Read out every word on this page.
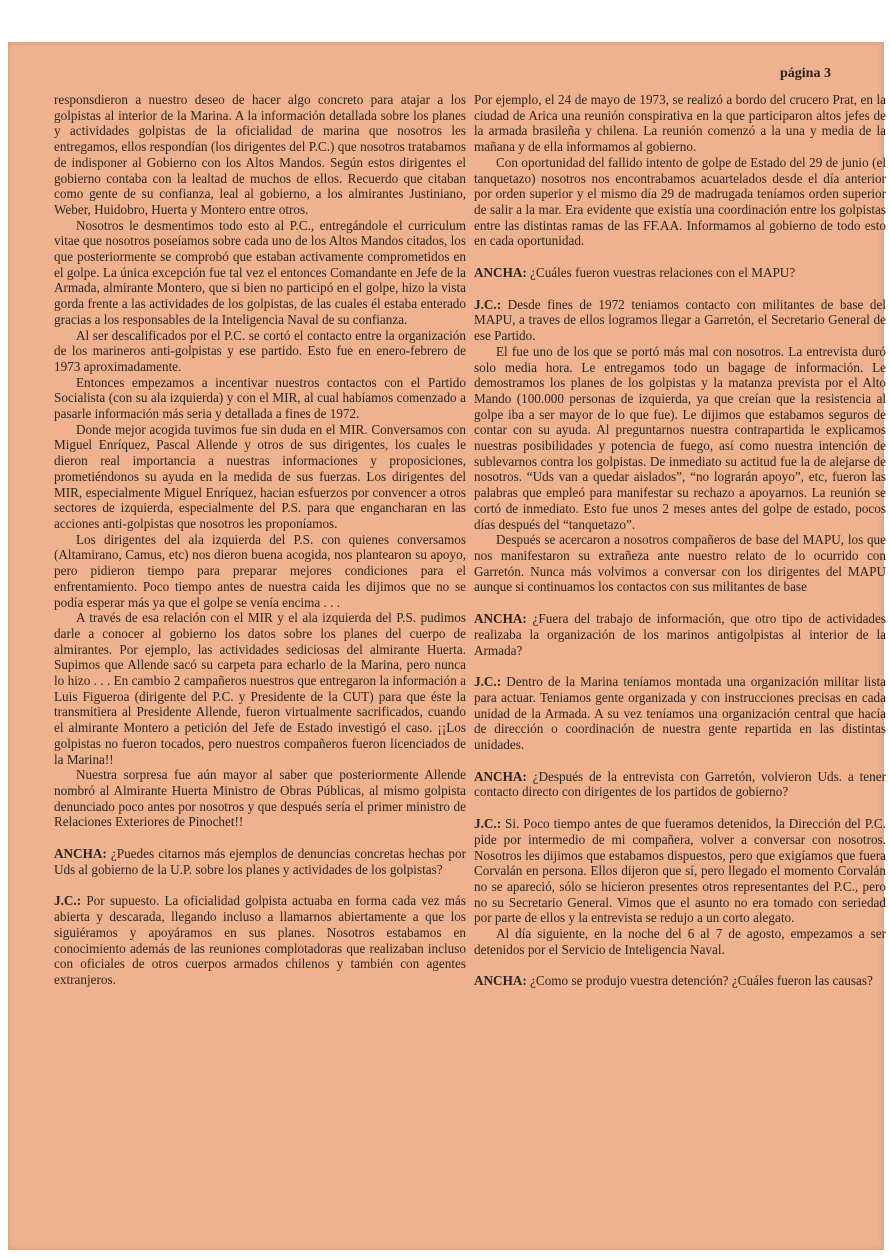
página 3

responsdieron a nuestro deseo de hacer algo concreto para atajar a los golpistas al interior de la Marina. A la información detallada sobre los planes y actividades golpistas de la oficialidad de marina que nosotros les entregamos, ellos respondían (los dirigentes del P.C.) que nosotros tratabamos de indisponer al Gobierno con los Altos Mandos. Según estos dirigentes el gobierno contaba con la lealtad de muchos de ellos. Recuerdo que citaban como gente de su confianza, leal al gobierno, a los almirantes Justiniano, Weber, Huidobro, Huerta y Montero entre otros.

Nosotros le desmentimos todo esto al P.C., entregándole el curriculum vitae que nosotros poseíamos sobre cada uno de los Altos Mandos citados, los que posteriormente se comprobó que estaban activamente comprometidos en el golpe. La única excepción fue tal vez el entonces Comandante en Jefe de la Armada, almirante Montero, que si bien no participó en el golpe, hizo la vista gorda frente a las actividades de los golpistas, de las cuales él estaba enterado gracias a los responsables de la Inteligencia Naval de su confianza.

Al ser descalificados por el P.C. se cortó el contacto entre la organización de los marineros anti-golpistas y ese partido. Esto fue en enero-febrero de 1973 aproximadamente.

Entonces empezamos a incentivar nuestros contactos con el Partido Socialista (con su ala izquierda) y con el MIR, al cual habíamos comenzado a pasarle información más seria y detallada a fines de 1972.

Donde mejor acogida tuvimos fue sin duda en el MIR. Conversamos con Miguel Enríquez, Pascal Allende y otros de sus dirigentes, los cuales le dieron real importancia a nuestras informaciones y proposiciones, prometiéndonos su ayuda en la medida de sus fuerzas. Los dirigentes del MIR, especialmente Miguel Enríquez, hacian esfuerzos por convencer a otros sectores de izquierda, especialmente del P.S. para que engancharan en las acciones anti-golpistas que nosotros les proponíamos.

Los dirigentes del ala izquierda del P.S. con quienes conversamos (Altamirano, Camus, etc) nos dieron buena acogida, nos plantearon su apoyo, pero pidieron tiempo para preparar mejores condiciones para el enfrentamiento. Poco tiempo antes de nuestra caida les dijimos que no se podía esperar más ya que el golpe se venía encima . . .

A través de esa relación con el MIR y el ala izquierda del P.S. pudimos darle a conocer al gobierno los datos sobre los planes del cuerpo de almirantes. Por ejemplo, las actividades sediciosas del almirante Huerta. Supimos que Allende sacó su carpeta para echarlo de la Marina, pero nunca lo hizo . . . En cambio 2 campañeros nuestros que entregaron la información a Luis Figueroa (dirigente del P.C. y Presidente de la CUT) para que éste la transmitiera al Presidente Allende, fueron virtualmente sacrificados, cuando el almirante Montero a petición del Jefe de Estado investigó el caso. ¡¡Los golpistas no fueron tocados, pero nuestros compañeros fueron licenciados de la Marina!!

Nuestra sorpresa fue aún mayor al saber que posteriormente Allende nombró al Almirante Huerta Ministro de Obras Públicas, al mismo golpista denunciado poco antes por nosotros y que después sería el primer ministro de Relaciones Exteriores de Pinochet!!

ANCHA: ¿Puedes citarnos más ejemplos de denuncias concretas hechas por Uds al gobierno de la U.P. sobre los planes y actividades de los golpistas?

J.C.: Por supuesto. La oficialidad golpista actuaba en forma cada vez más abierta y descarada, llegando incluso a llamarnos abiertamente a que los siguiéramos y apoyáramos en sus planes. Nosotros estabamos en conocimiento además de las reuniones complotadoras que realizaban incluso con oficiales de otros cuerpos armados chilenos y también con agentes extranjeros.

Por ejemplo, el 24 de mayo de 1973, se realizó a bordo del crucero Prat, en la ciudad de Arica una reunión conspirativa en la que participaron altos jefes de la armada brasileña y chilena. La reunión comenzó a la una y media de la mañana y de ella informamos al gobierno.

Con oportunidad del fallido intento de golpe de Estado del 29 de junio (el tanquetazo) nosotros nos encontrabamos acuartelados desde el día anterior por orden superior y el mismo día 29 de madrugada teníamos orden superior de salir a la mar. Era evidente que existía una coordinación entre los golpistas entre las distintas ramas de las FF.AA. Informamos al gobierno de todo esto en cada oportunidad.

ANCHA: ¿Cuáles fueron vuestras relaciones con el MAPU?

J.C.: Desde fines de 1972 teniamos contacto con militantes de base del MAPU, a traves de ellos logramos llegar a Garretón, el Secretario General de ese Partido.

El fue uno de los que se portó más mal con nosotros. La entrevista duró solo media hora. Le entregamos todo un bagage de información. Le demostramos los planes de los golpistas y la matanza prevista por el Alto Mando (100.000 personas de izquierda, ya que creían que la resistencia al golpe iba a ser mayor de lo que fue). Le dijimos que estabamos seguros de contar con su ayuda. Al preguntarnos nuestra contrapartida le explicamos nuestras posibilidades y potencia de fuego, así como nuestra intención de sublevarnos contra los golpistas. De inmediato su actitud fue la de alejarse de nosotros. “Uds van a quedar aislados”, “no lograrán apoyo”, etc, fueron las palabras que empleó para manifestar su rechazo a apoyarnos. La reunión se cortó de inmediato. Esto fue unos 2 meses antes del golpe de estado, pocos días después del “tanquetazo”.

Después se acercaron a nosotros compañeros de base del MAPU, los que nos manifestaron su extrañeza ante nuestro relato de lo ocurrido con Garretón. Nunca más volvimos a conversar con los dirigentes del MAPU aunque si continuamos los contactos con sus militantes de base

ANCHA: ¿Fuera del trabajo de información, que otro tipo de actividades realizaba la organización de los marinos antigolpistas al interior de la Armada?

J.C.: Dentro de la Marina teníamos montada una organización militar lista para actuar. Teniamos gente organizada y con instrucciones precisas en cada unidad de la Armada. A su vez teníamos una organización central que hacía de dirección o coordinación de nuestra gente repartida en las distintas unidades.

ANCHA: ¿Después de la entrevista con Garretón, volvieron Uds. a tener contacto directo con dirigentes de los partidos de gobierno?

J.C.: Si. Poco tiempo antes de que fueramos detenidos, la Dirección del P.C. pide por intermedio de mi compañera, volver a conversar con nosotros. Nosotros les dijimos que estabamos dispuestos, pero que exigíamos que fuera Corvalán en persona. Ellos dijeron que sí, pero llegado el momento Corvalán no se apareció, sólo se hicieron presentes otros representantes del P.C., pero no su Secretario General. Vimos que el asunto no era tomado con seriedad por parte de ellos y la entrevista se redujo a un corto alegato.

Al día siguiente, en la noche del 6 al 7 de agosto, empezamos a ser detenidos por el Servicio de Inteligencia Naval.

ANCHA: ¿Como se produjo vuestra detención? ¿Cuáles fueron las causas?
